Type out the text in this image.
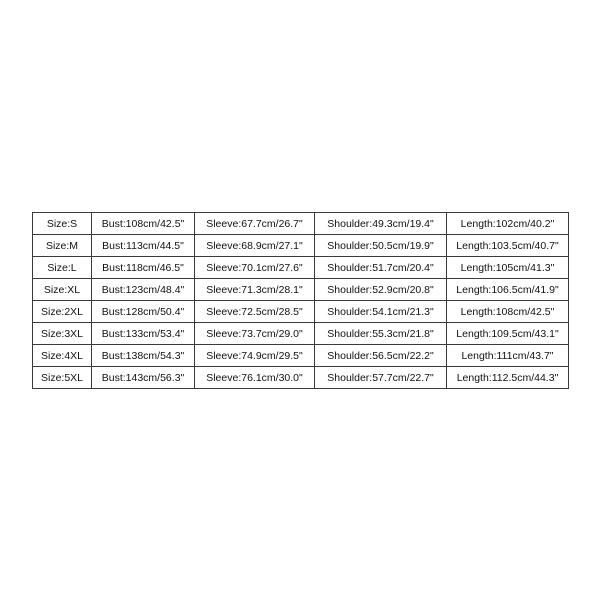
Size:S	Bust:108cm/42.5"	Sleeve:67.7cm/26.7"	Shoulder:49.3cm/19.4"	Length:102cm/40.2"
Size:M	Bust:113cm/44.5"	Sleeve:68.9cm/27.1"	Shoulder:50.5cm/19.9"	Length:103.5cm/40.7"
Size:L	Bust:118cm/46.5"	Sleeve:70.1cm/27.6"	Shoulder:51.7cm/20.4"	Length:105cm/41.3"
Size:XL	Bust:123cm/48.4"	Sleeve:71.3cm/28.1"	Shoulder:52.9cm/20.8"	Length:106.5cm/41.9"
Size:2XL	Bust:128cm/50.4"	Sleeve:72.5cm/28.5"	Shoulder:54.1cm/21.3"	Length:108cm/42.5"
Size:3XL	Bust:133cm/53.4"	Sleeve:73.7cm/29.0"	Shoulder:55.3cm/21.8"	Length:109.5cm/43.1"
Size:4XL	Bust:138cm/54.3"	Sleeve:74.9cm/29.5"	Shoulder:56.5cm/22.2"	Length:111cm/43.7"
Size:5XL	Bust:143cm/56.3"	Sleeve:76.1cm/30.0"	Shoulder:57.7cm/22.7"	Length:112.5cm/44.3"
